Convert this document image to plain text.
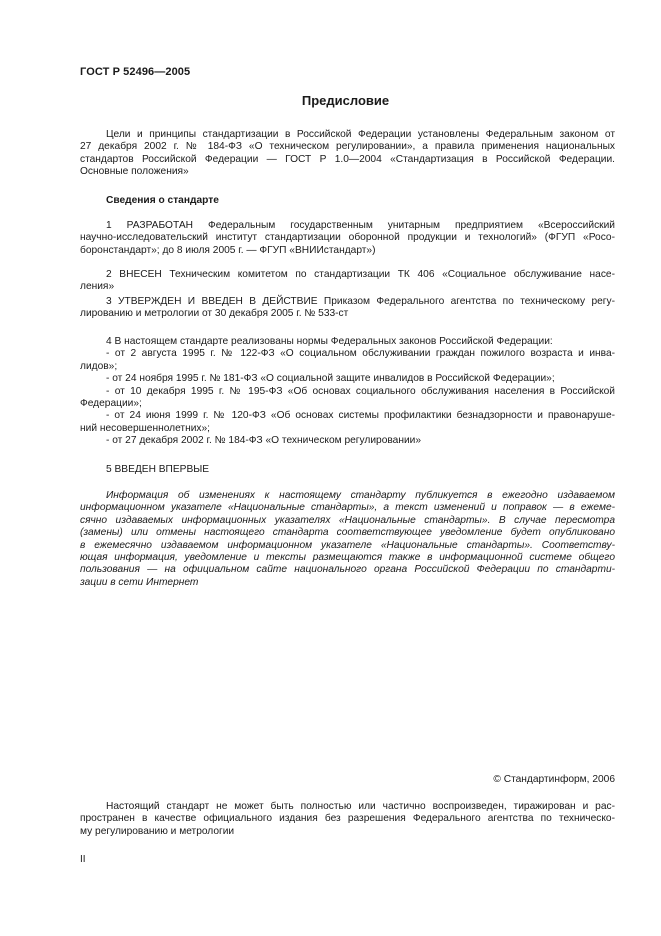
ГОСТ Р 52496—2005
Предисловие
Цели и принципы стандартизации в Российской Федерации установлены Федеральным законом от
27 декабря 2002 г. № 184-ФЗ «О техническом регулировании», а правила применения национальных
стандартов Российской Федерации — ГОСТ Р 1.0—2004 «Стандартизация в Российской Федерации.
Основные положения»
Сведения о стандарте
1 РАЗРАБОТАН Федеральным государственным унитарным предприятием «Всероссийский
научно-исследовательский институт стандартизации оборонной продукции и технологий» (ФГУП «Росо-
боронстандарт»; до 8 июля 2005 г. — ФГУП «ВНИИстандарт»)
2 ВНЕСЕН Техническим комитетом по стандартизации ТК 406 «Социальное обслуживание насе-
ления»
3 УТВЕРЖДЕН И ВВЕДЕН В ДЕЙСТВИЕ Приказом Федерального агентства по техническому регу-
лированию и метрологии от 30 декабря 2005 г. № 533-ст
4 В настоящем стандарте реализованы нормы Федеральных законов Российской Федерации:
- от 2 августа 1995 г. № 122-ФЗ «О социальном обслуживании граждан пожилого возраста и инва-
лидов»;
- от 24 ноября 1995 г. № 181-ФЗ «О социальной защите инвалидов в Российской Федерации»;
- от 10 декабря 1995 г. № 195-ФЗ «Об основах социального обслуживания населения в Российской
Федерации»;
- от 24 июня 1999 г. № 120-ФЗ «Об основах системы профилактики безнадзорности и правонаруше-
ний несовершеннолетних»;
- от 27 декабря 2002 г. № 184-ФЗ «О техническом регулировании»
5 ВВЕДЕН ВПЕРВЫЕ
Информация об изменениях к настоящему стандарту публикуется в ежегодно издаваемом
информационном указателе «Национальные стандарты», а текст изменений и поправок — в ежеме-
сячно издаваемых информационных указателях «Национальные стандарты». В случае пересмотра
(замены) или отмены настоящего стандарта соответствующее уведомление будет опубликовано
в ежемесячно издаваемом информационном указателе «Национальные стандарты». Соответству-
ющая информация, уведомление и тексты размещаются также в информационной системе общего
пользования — на официальном сайте национального органа Российской Федерации по стандарти-
зации в сети Интернет
© Стандартинформ, 2006
Настоящий стандарт не может быть полностью или частично воспроизведен, тиражирован и рас-
пространен в качестве официального издания без разрешения Федерального агентства по техническо-
му регулированию и метрологии
II
